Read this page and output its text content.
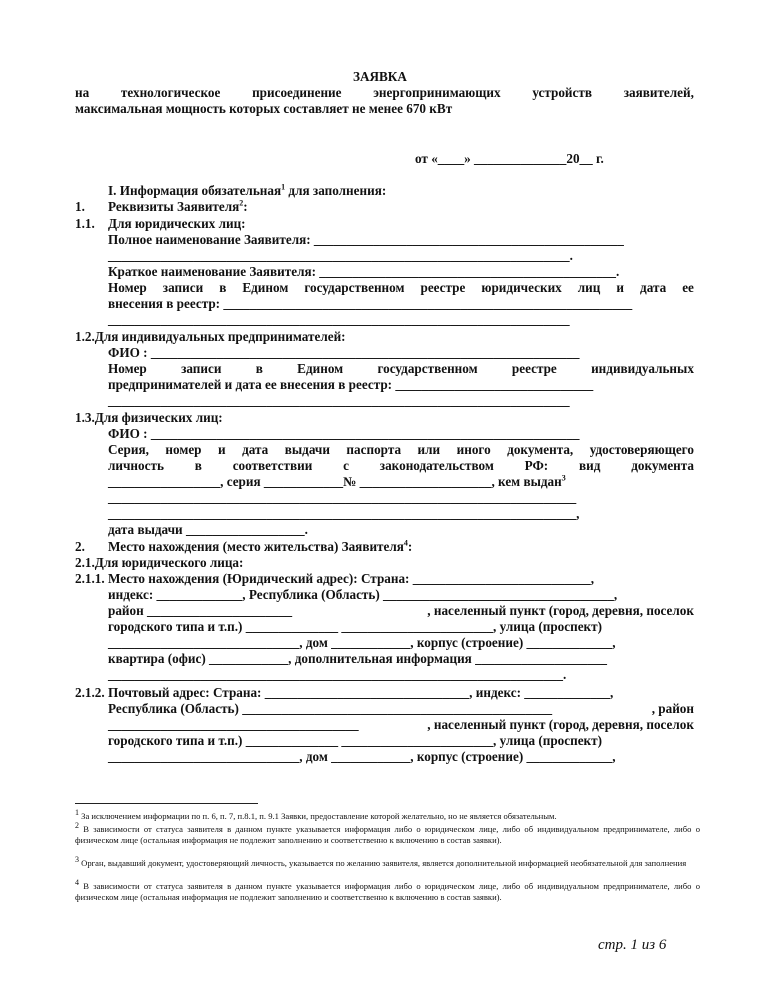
ЗАЯВКА
на технологическое присоединение энергопринимающих устройств заявителей,
максимальная мощность которых составляет не менее 670 кВт
от «____» ______________20__ г.
I. Информация обязательная$^1$ для заполнения:
1. Реквизиты Заявителя$^2$:
1.1. Для юридических лиц:
Полное наименование Заявителя: _______________________________________________
______________________________________________________________________.
Краткое наименование Заявителя: _____________________________________________.
Номер записи в Едином государственном реестре юридических лиц и дата ее
внесения в реестр: ______________________________________________________________
______________________________________________________________________
1.2.Для индивидуальных предпринимателей:
ФИО : _________________________________________________________________
Номер	записи	в	Едином	государственном	реестре	индивидуальных
предпринимателей и дата ее внесения в реестр: ______________________________
______________________________________________________________________
1.3.Для физических лиц:
ФИО : _________________________________________________________________
Серия, номер и дата выдачи паспорта или иного документа, удостоверяющего
личность в соответствии с законодательством РФ: вид документа
_________________, серия ____________№ ____________________, кем выдан$^3$
_______________________________________________________________________
_______________________________________________________________________,
дата выдачи __________________.
2. Место нахождения (место жительства) Заявителя$^4$:
2.1.Для юридического лица:
2.1.1. Место нахождения (Юридический адрес): Страна: ___________________________,
индекс: _____________, Республика (Область) ___________________________________,
район ______________________	, населенный пункт (город, деревня, поселок
городского типа и т.п.) ______________ _______________________, улица (проспект)
_____________________________, дом ____________, корпус (строение) _____________,
квартира (офис) ____________, дополнительная информация ____________________
_____________________________________________________________________.
2.1.2. Почтовый адрес: Страна: _______________________________, индекс: _____________,
Республика (Область) _______________________________________________	, район
______________________________________	, населенный пункт (город, деревня, поселок
городского типа и т.п.) ______________ _______________________, улица (проспект)
_____________________________, дом ____________, корпус (строение) _____________,
$^1$ За исключением информации по п. 6, п. 7, п.8.1, п. 9.1 Заявки, предоставление которой желательно, но не является обязательным.
$^2$ В зависимости от статуса заявителя в данном пункте указывается информация либо о юридическом лице, либо об индивидуальном предпринимателе, либо о физическом лице (остальная информация не подлежит заполнению и соответственно к включению в состав заявки).
$^3$ Орган, выдавший документ, удостоверяющий личность, указывается по желанию заявителя, является дополнительной информацией необязательной для заполнения
$^4$ В зависимости от статуса заявителя в данном пункте указывается информация либо о юридическом лице, либо об индивидуальном предпринимателе, либо о физическом лице (остальная информация не подлежит заполнению и соответственно к включению в состав заявки).
стр. 1 из 6
